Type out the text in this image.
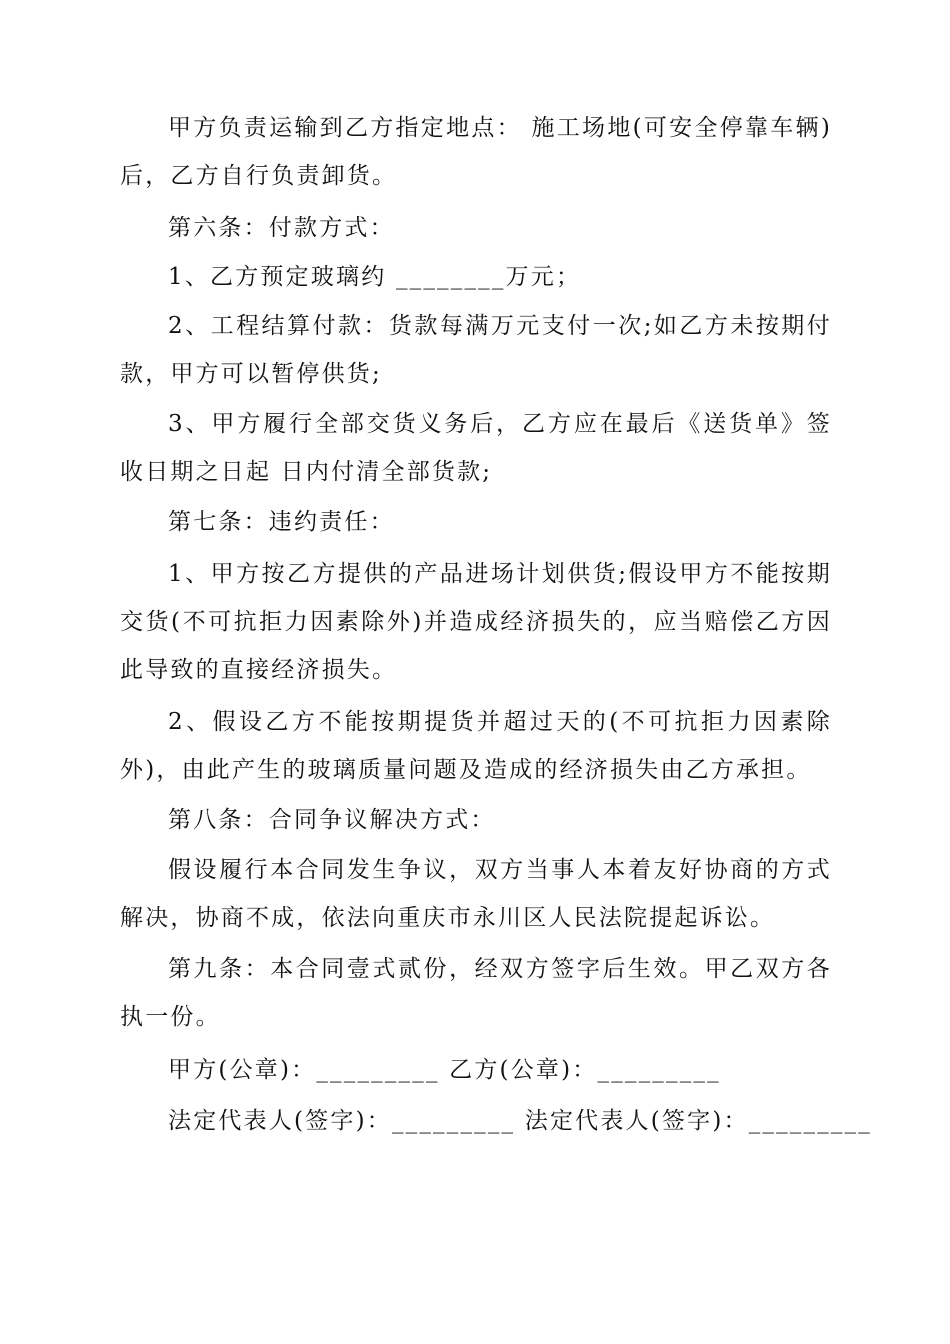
甲方负责运输到乙方指定地点： 施工场地(可安全停靠车辆)后，乙方自行负责卸货。

第六条：付款方式：

1、乙方预定玻璃约 ________万元；

2、工程结算付款：货款每满万元支付一次;如乙方未按期付款，甲方可以暂停供货;

3、甲方履行全部交货义务后，乙方应在最后《送货单》签收日期之日起 日内付清全部货款;

第七条：违约责任：

1、甲方按乙方提供的产品进场计划供货;假设甲方不能按期交货(不可抗拒力因素除外)并造成经济损失的，应当赔偿乙方因此导致的直接经济损失。

2、假设乙方不能按期提货并超过天的(不可抗拒力因素除外)，由此产生的玻璃质量问题及造成的经济损失由乙方承担。

第八条：合同争议解决方式：

假设履行本合同发生争议，双方当事人本着友好协商的方式解决，协商不成，依法向重庆市永川区人民法院提起诉讼。

第九条：本合同壹式贰份，经双方签字后生效。甲乙双方各执一份。

甲方(公章)：_________ 乙方(公章)：_________

法定代表人(签字)：_________ 法定代表人(签字)：_________
